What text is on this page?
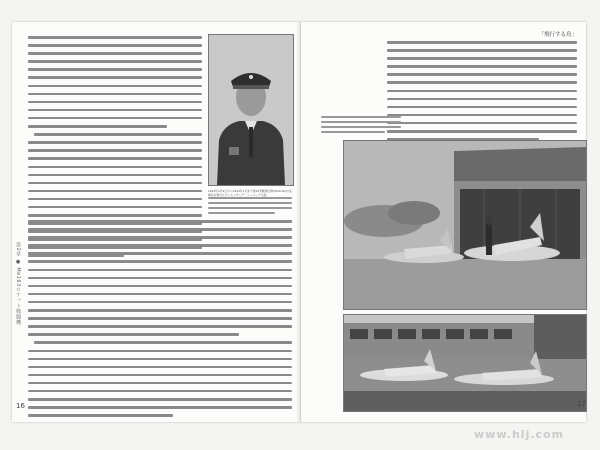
第2章 ● Me163ロケット戦闘機
1943年4月9日から1944年1月まで第16実験飛行隊(EKdo16)の指揮官を務めたヴォルフガング・シュペーテ大尉。
16
「飛行する鳥」
17
www.hlj.com
